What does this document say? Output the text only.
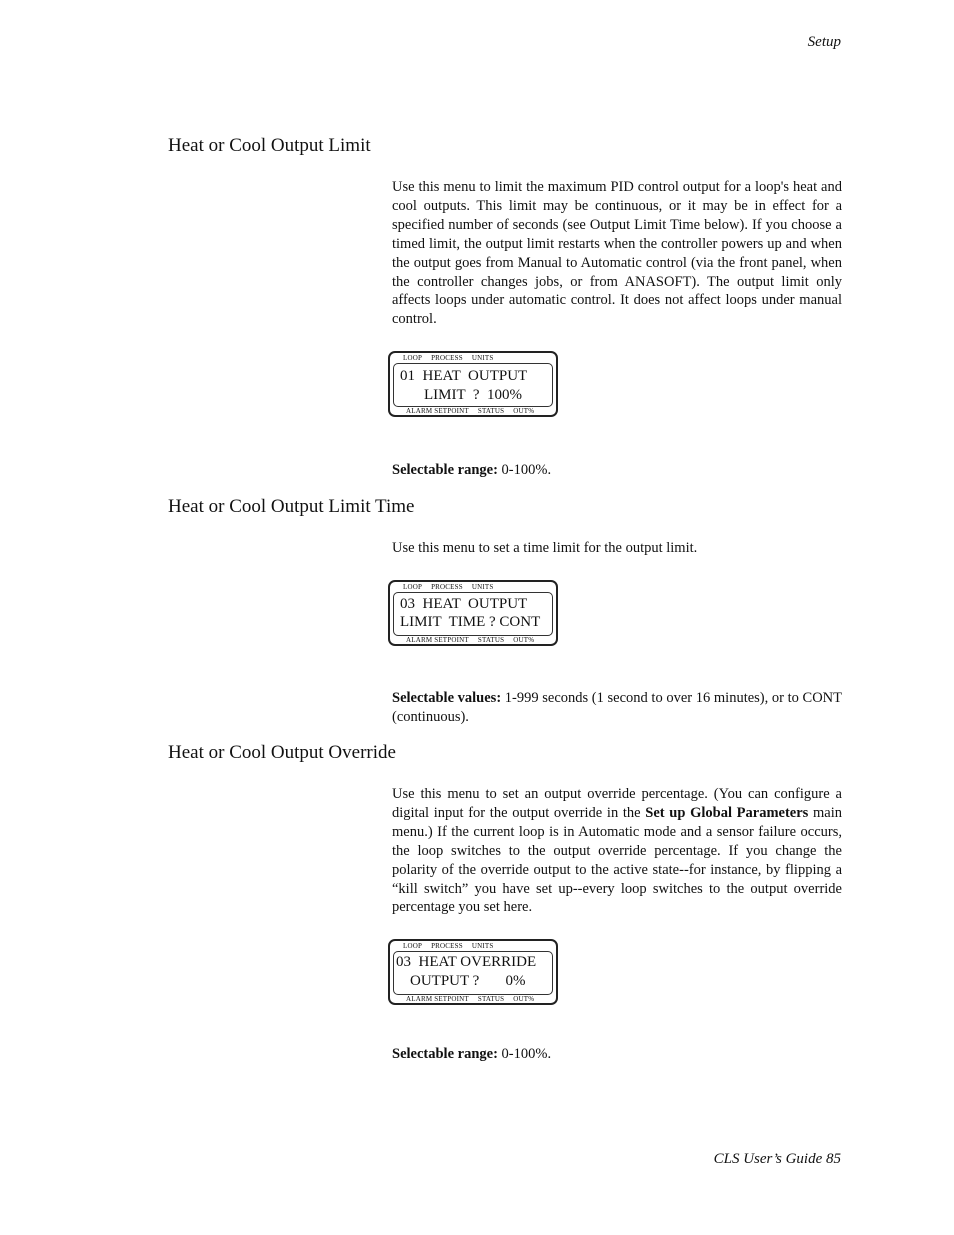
Setup
Heat or Cool Output Limit

Use this menu to limit the maximum PID control output for a loop's heat and cool outputs. This limit may be continuous, or it may be in effect for a specified number of seconds (see Output Limit Time below). If you choose a timed limit, the output limit restarts when the controller powers up and when the output goes from Manual to Automatic control (via the front panel, when the controller changes jobs, or from ANASOFT). The output limit only affects loops under automatic control. It does not affect loops under manual control.

LOOP PROCESS UNITS
01  HEAT  OUTPUT
LIMIT  ?  100%
ALARM SETPOINT STATUS OUT%

Selectable range: 0-100%.

Heat or Cool Output Limit Time

Use this menu to set a time limit for the output limit.

LOOP PROCESS UNITS
03  HEAT  OUTPUT
LIMIT  TIME ? CONT
ALARM SETPOINT STATUS OUT%

Selectable values: 1-999 seconds (1 second to over 16 minutes), or to CONT (continuous).

Heat or Cool Output Override

Use this menu to set an output override percentage. (You can configure a digital input for the output override in the Set up Global Parameters main menu.) If the current loop is in Automatic mode and a sensor failure occurs, the loop switches to the output override percentage. If you change the polarity of the override output to the active state--for instance, by flipping a “kill switch” you have set up--every loop switches to the output override percentage you set here.

LOOP PROCESS UNITS
03  HEAT OVERRIDE
OUTPUT ?       0%
ALARM SETPOINT STATUS OUT%

Selectable range: 0-100%.

CLS User’s Guide 85
